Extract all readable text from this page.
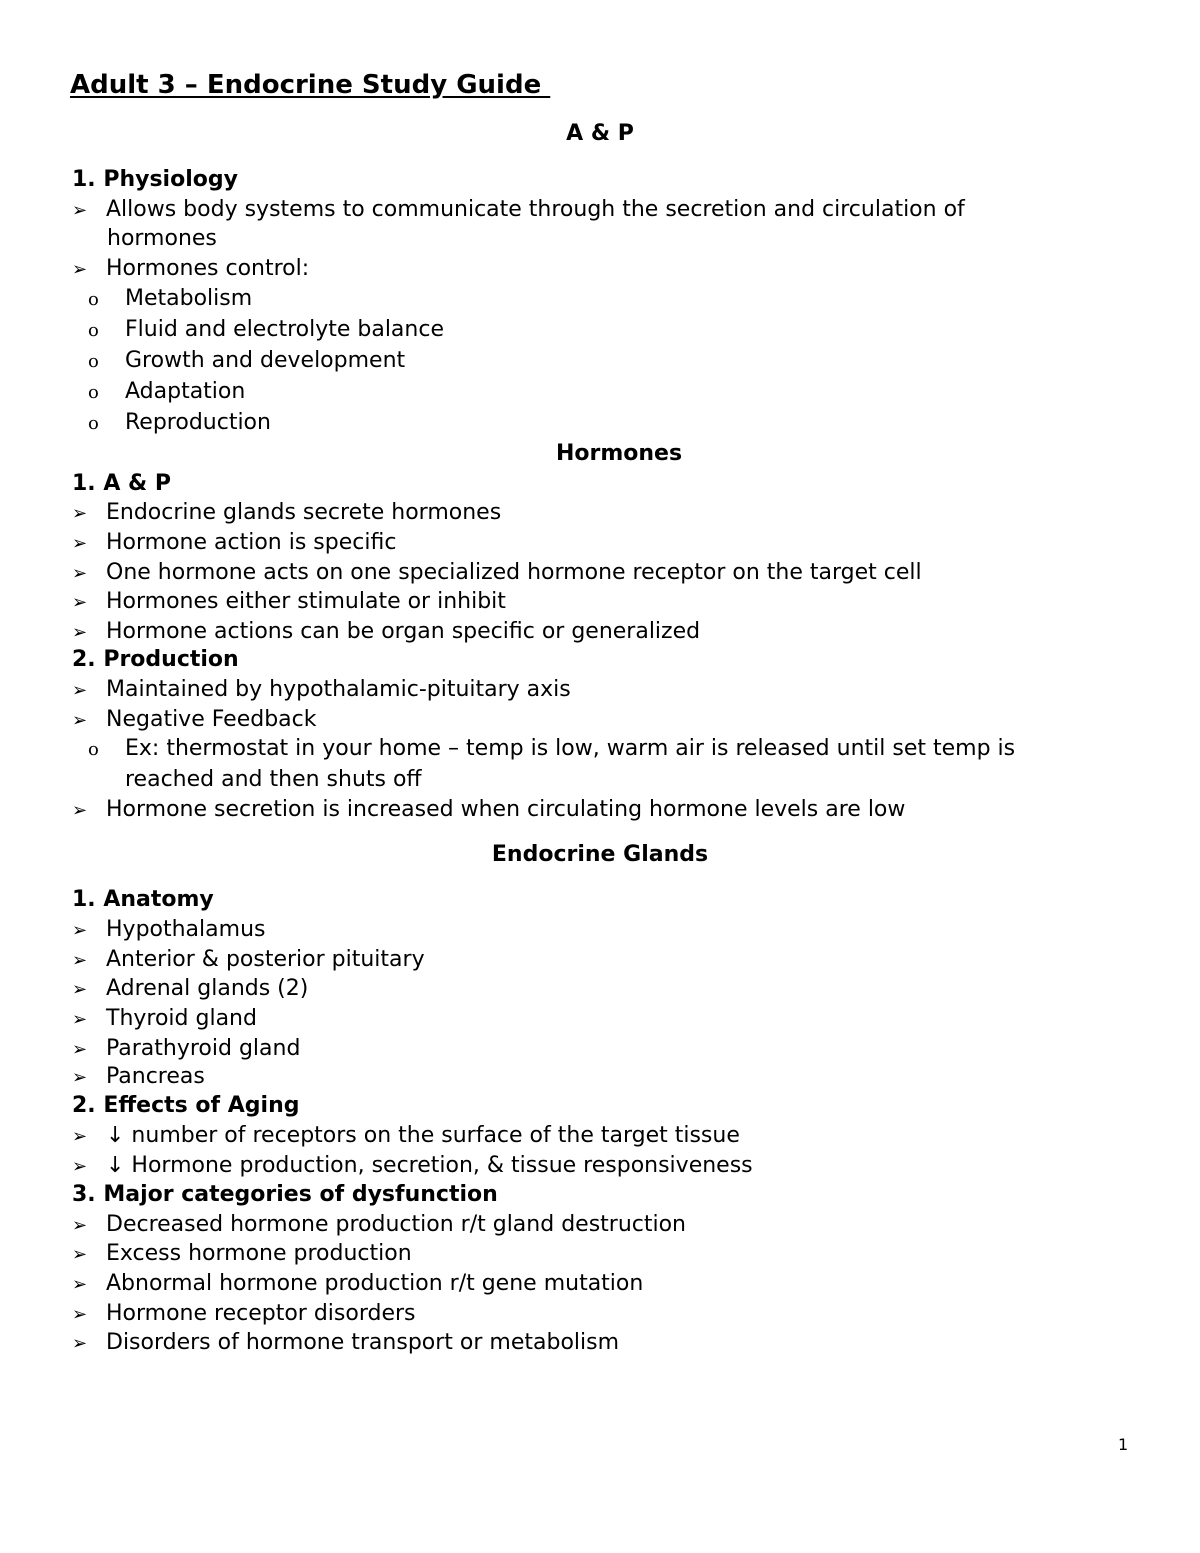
Adult 3 – Endocrine Study Guide
A & P
1. Physiology
➢ Allows body systems to communicate through the secretion and circulation of
hormones
➢ Hormones control:
o Metabolism
o Fluid and electrolyte balance
o Growth and development
o Adaptation
o Reproduction
Hormones
1. A & P
➢ Endocrine glands secrete hormones
➢ Hormone action is specific
➢ One hormone acts on one specialized hormone receptor on the target cell
➢ Hormones either stimulate or inhibit
➢ Hormone actions can be organ specific or generalized
2. Production
➢ Maintained by hypothalamic-pituitary axis
➢ Negative Feedback
o Ex: thermostat in your home – temp is low, warm air is released until set temp is
reached and then shuts off
➢ Hormone secretion is increased when circulating hormone levels are low
Endocrine Glands
1. Anatomy
➢ Hypothalamus
➢ Anterior & posterior pituitary
➢ Adrenal glands (2)
➢ Thyroid gland
➢ Parathyroid gland
➢ Pancreas
2. Effects of Aging
➢ ↓ number of receptors on the surface of the target tissue
➢ ↓ Hormone production, secretion, & tissue responsiveness
3. Major categories of dysfunction
➢ Decreased hormone production r/t gland destruction
➢ Excess hormone production
➢ Abnormal hormone production r/t gene mutation
➢ Hormone receptor disorders
➢ Disorders of hormone transport or metabolism
1
